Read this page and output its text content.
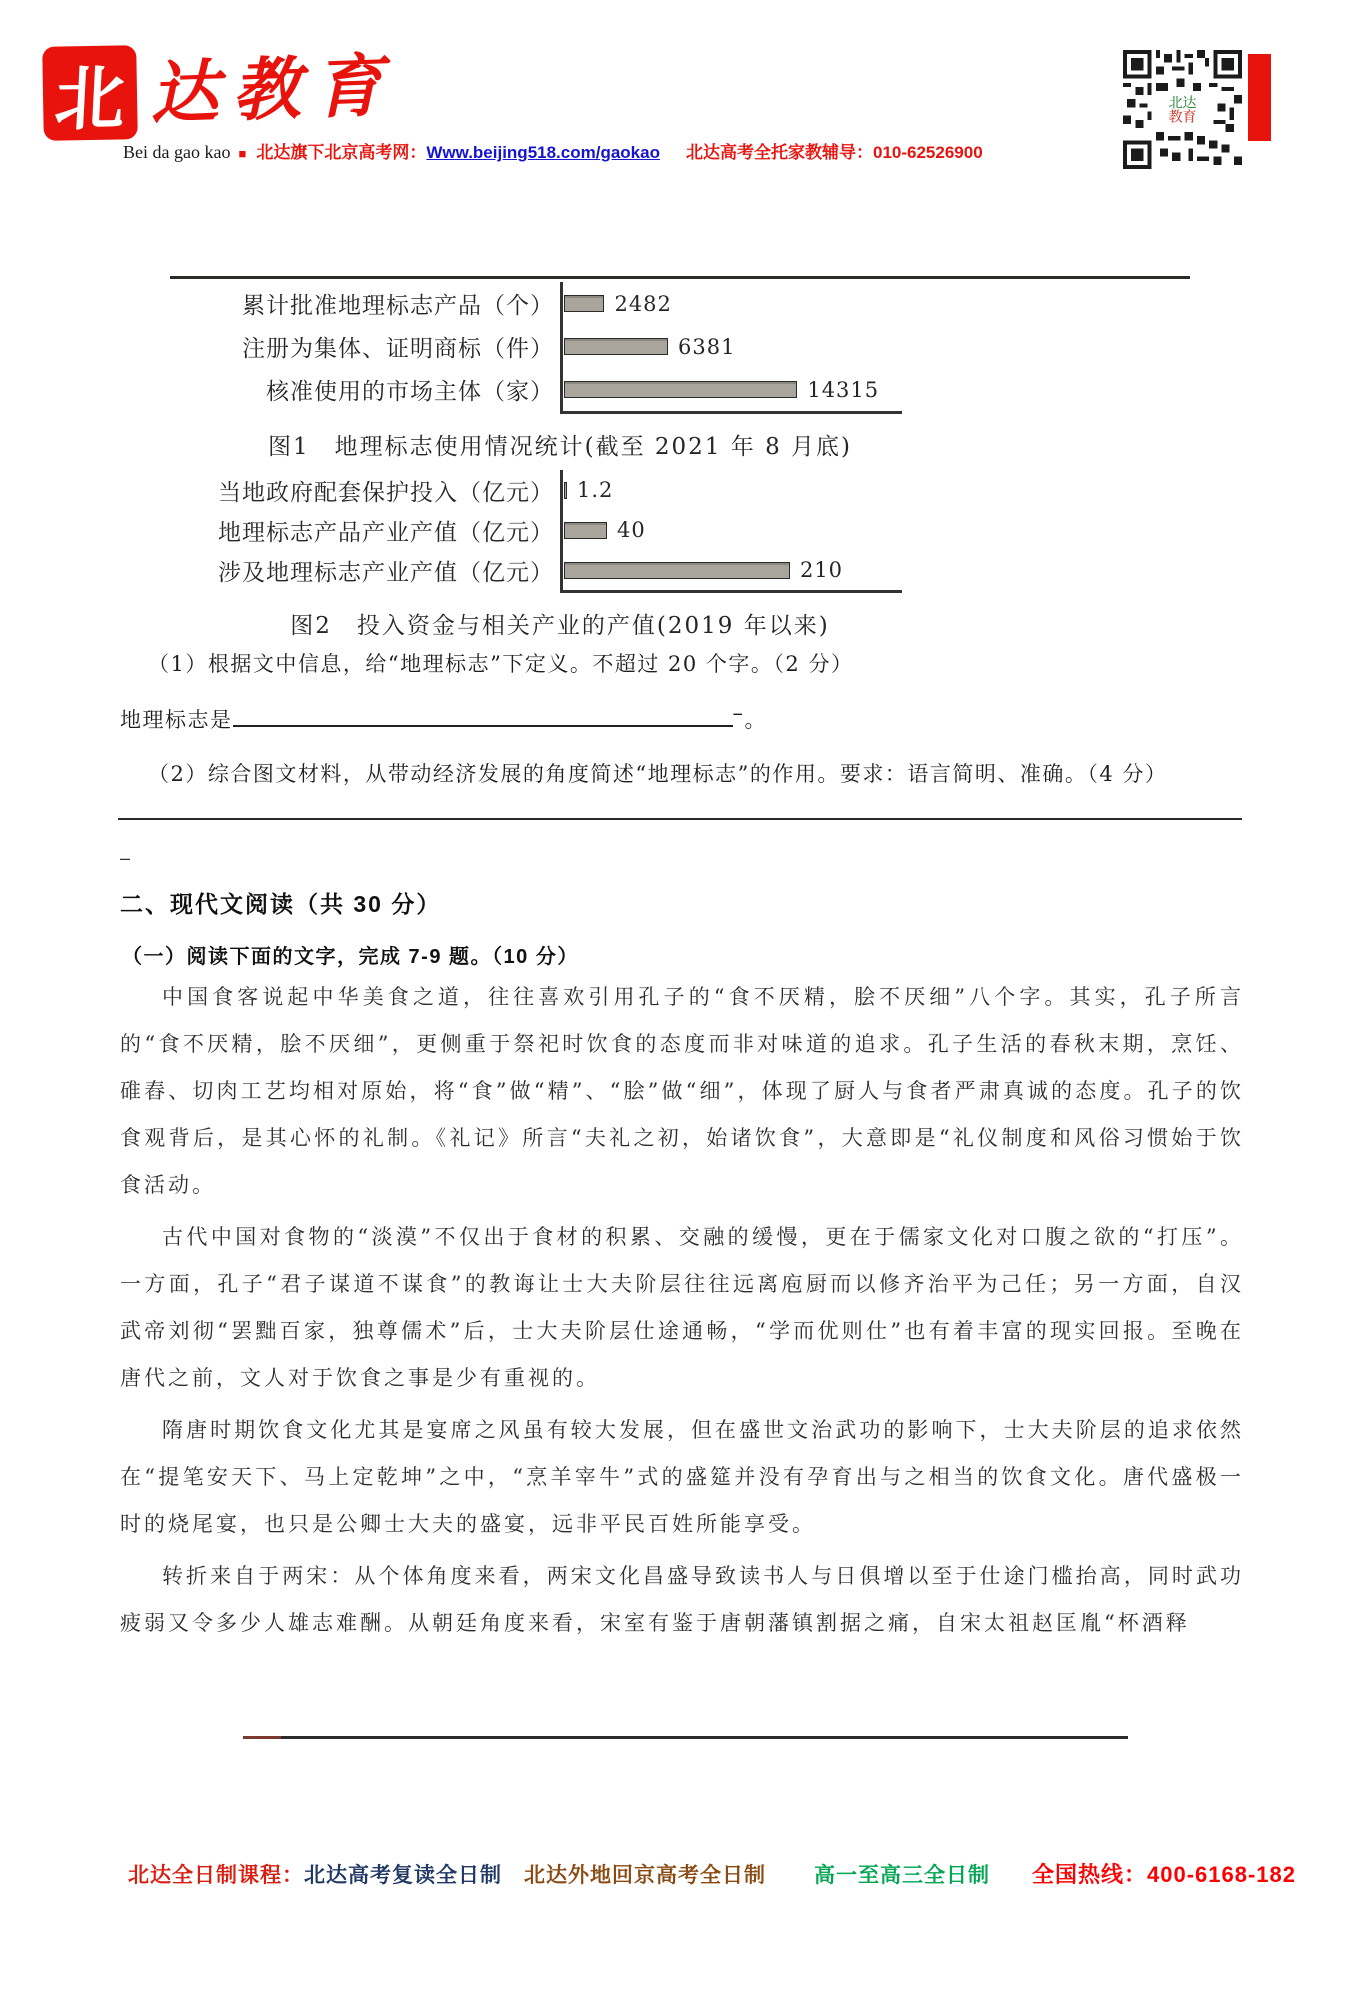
北 达教育
Bei da gao kao ■ 北达旗下北京高考网：Www.beijing518.com/gaokao 北达高考全托家教辅导：010-62526900
北达
教育
累计批准地理标志产品（个）	2482
注册为集体、证明商标（件）	6381
核准使用的市场主体（家）	14315
图1　地理标志使用情况统计(截至 2021 年 8 月底)
当地政府配套保护投入（亿元） 1.2
地理标志产品产业产值（亿元）	40
涉及地理标志产业产值（亿元）	210
图2　投入资金与相关产业的产值(2019 年以来)
（1）根据文中信息，给“地理标志”下定义。不超过 20 个字。（2 分）
地理标志是	–。
（2）综合图文材料，从带动经济发展的角度简述“地理标志”的作用。要求：语言简明、准确。（4 分）
–
二、现代文阅读（共 30 分）
（一）阅读下面的文字，完成 7-9 题。（10 分）

中国食客说起中华美食之道，往往喜欢引用孔子的“食不厌精，脍不厌细”八个字。其实，孔子所言的“食不厌精，脍不厌细”，更侧重于祭祀时饮食的态度而非对味道的追求。孔子生活的春秋末期，烹饪、碓舂、切肉工艺均相对原始，将“食”做“精”、“脍”做“细”，体现了厨人与食者严肃真诚的态度。孔子的饮食观背后，是其心怀的礼制。《礼记》所言“夫礼之初，始诸饮食”，大意即是“礼仪制度和风俗习惯始于饮食活动。

古代中国对食物的“淡漠”不仅出于食材的积累、交融的缓慢，更在于儒家文化对口腹之欲的“打压”。一方面，孔子“君子谋道不谋食”的教诲让士大夫阶层往往远离庖厨而以修齐治平为己任；另一方面，自汉武帝刘彻“罢黜百家，独尊儒术”后，士大夫阶层仕途通畅，“学而优则仕”也有着丰富的现实回报。至晚在唐代之前，文人对于饮食之事是少有重视的。

隋唐时期饮食文化尤其是宴席之风虽有较大发展，但在盛世文治武功的影响下，士大夫阶层的追求依然在“提笔安天下、马上定乾坤”之中，“烹羊宰牛”式的盛筵并没有孕育出与之相当的饮食文化。唐代盛极一时的烧尾宴，也只是公卿士大夫的盛宴，远非平民百姓所能享受。

转折来自于两宋：从个体角度来看，两宋文化昌盛导致读书人与日俱增以至于仕途门槛抬高，同时武功疲弱又令多少人雄志难酬。从朝廷角度来看，宋室有鉴于唐朝藩镇割据之痛，自宋太祖赵匡胤“杯酒释

北达全日制课程：北达高考复读全日制 北达外地回京高考全日制 高一至高三全日制 全国热线：400-6168-182
